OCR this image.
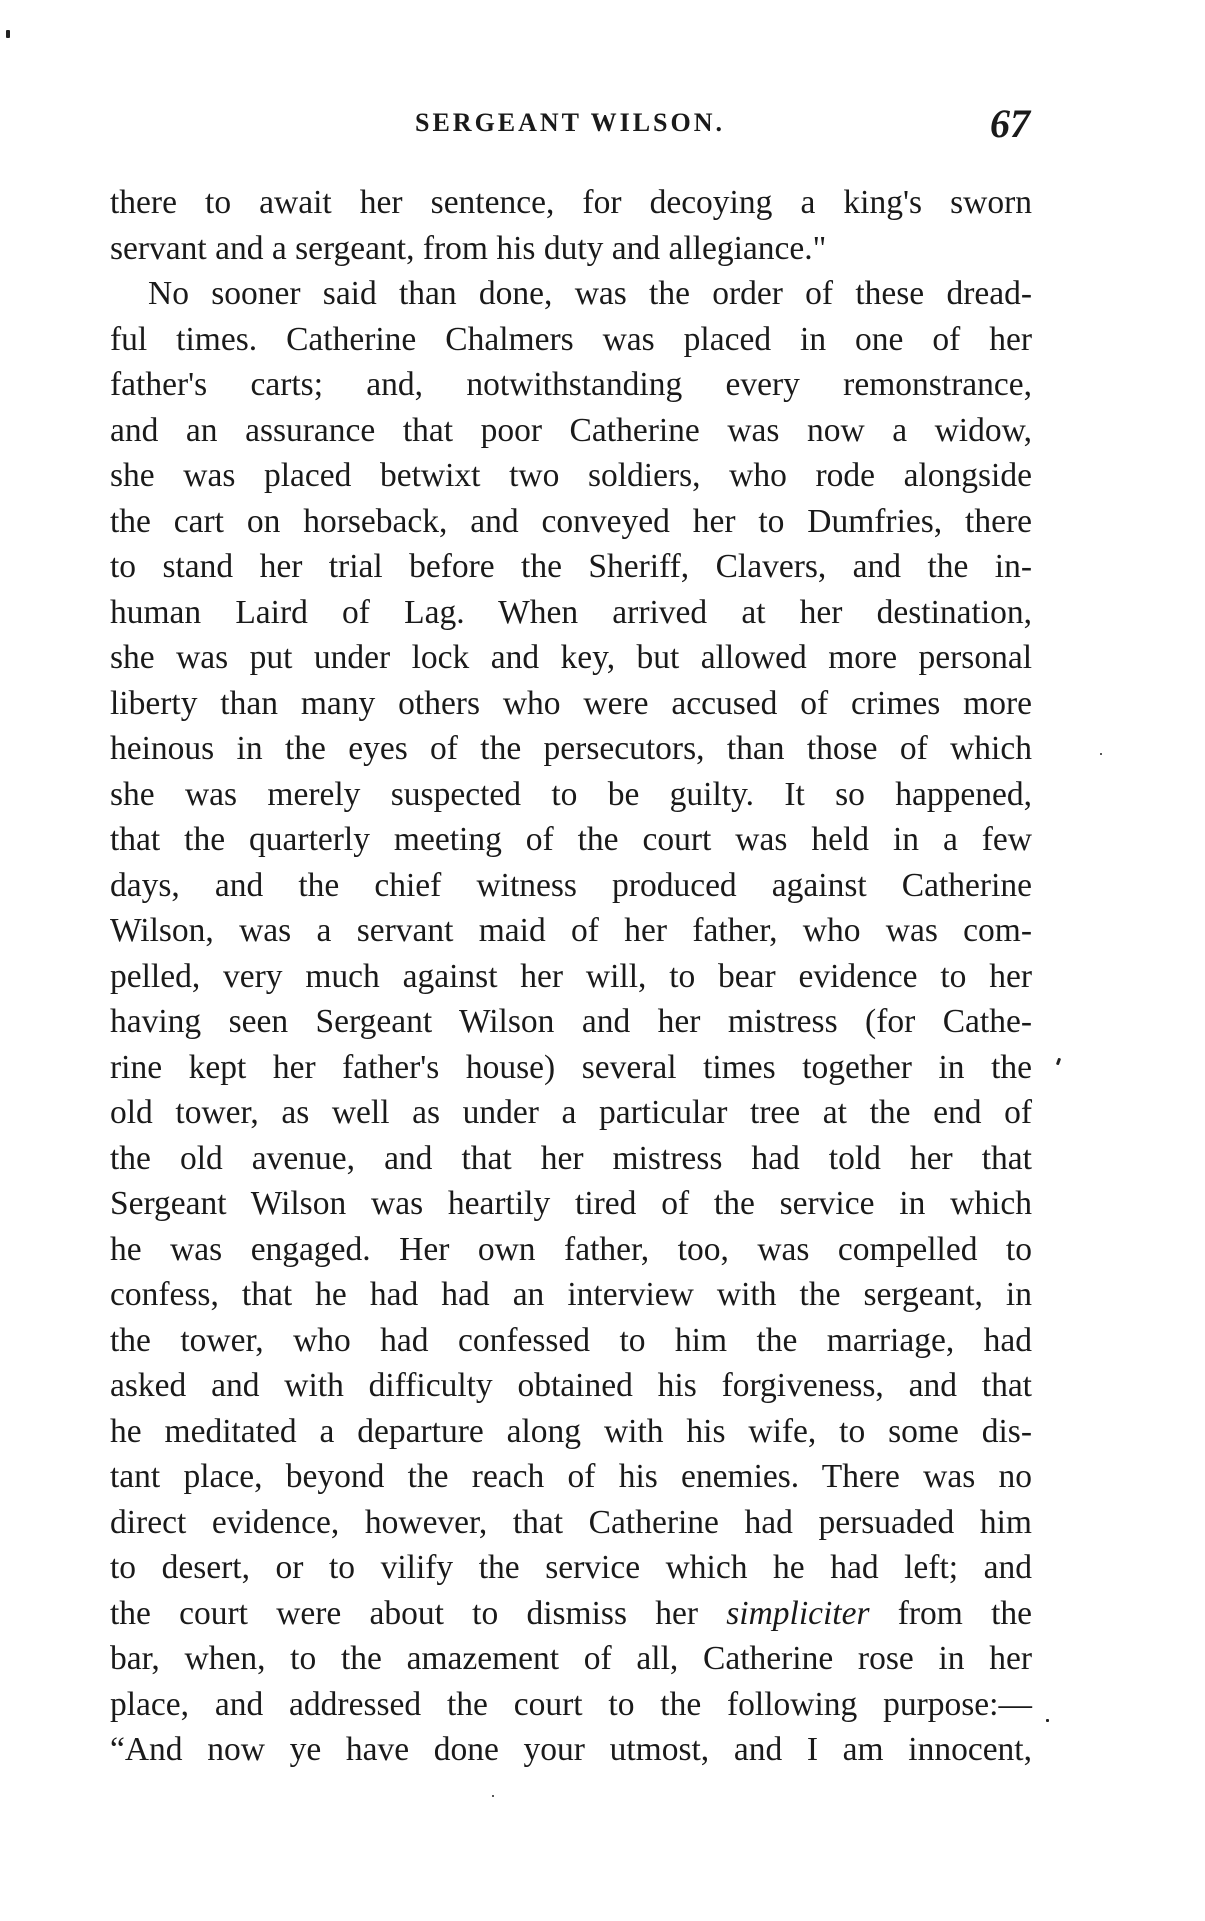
SERGEANT WILSON.	67
there to await her sentence, for decoying a king's sworn
servant and a sergeant, from his duty and allegiance."
No sooner said than done, was the order of these dread-
ful times. Catherine Chalmers was placed in one of her
father's carts; and, notwithstanding every remonstrance,
and an assurance that poor Catherine was now a widow,
she was placed betwixt two soldiers, who rode alongside
the cart on horseback, and conveyed her to Dumfries, there
to stand her trial before the Sheriff, Clavers, and the in-
human Laird of Lag. When arrived at her destination,
she was put under lock and key, but allowed more personal
liberty than many others who were accused of crimes more
heinous in the eyes of the persecutors, than those of which
she was merely suspected to be guilty. It so happened,
that the quarterly meeting of the court was held in a few
days, and the chief witness produced against Catherine
Wilson, was a servant maid of her father, who was com-
pelled, very much against her will, to bear evidence to her
having seen Sergeant Wilson and her mistress (for Cathe-
rine kept her father's house) several times together in the
old tower, as well as under a particular tree at the end of
the old avenue, and that her mistress had told her that
Sergeant Wilson was heartily tired of the service in which
he was engaged. Her own father, too, was compelled to
confess, that he had had an interview with the sergeant, in
the tower, who had confessed to him the marriage, had
asked and with difficulty obtained his forgiveness, and that
he meditated a departure along with his wife, to some dis-
tant place, beyond the reach of his enemies. There was no
direct evidence, however, that Catherine had persuaded him
to desert, or to vilify the service which he had left; and
the court were about to dismiss her simpliciter from the
bar, when, to the amazement of all, Catherine rose in her
place, and addressed the court to the following purpose:—
“And now ye have done your utmost, and I am innocent,
